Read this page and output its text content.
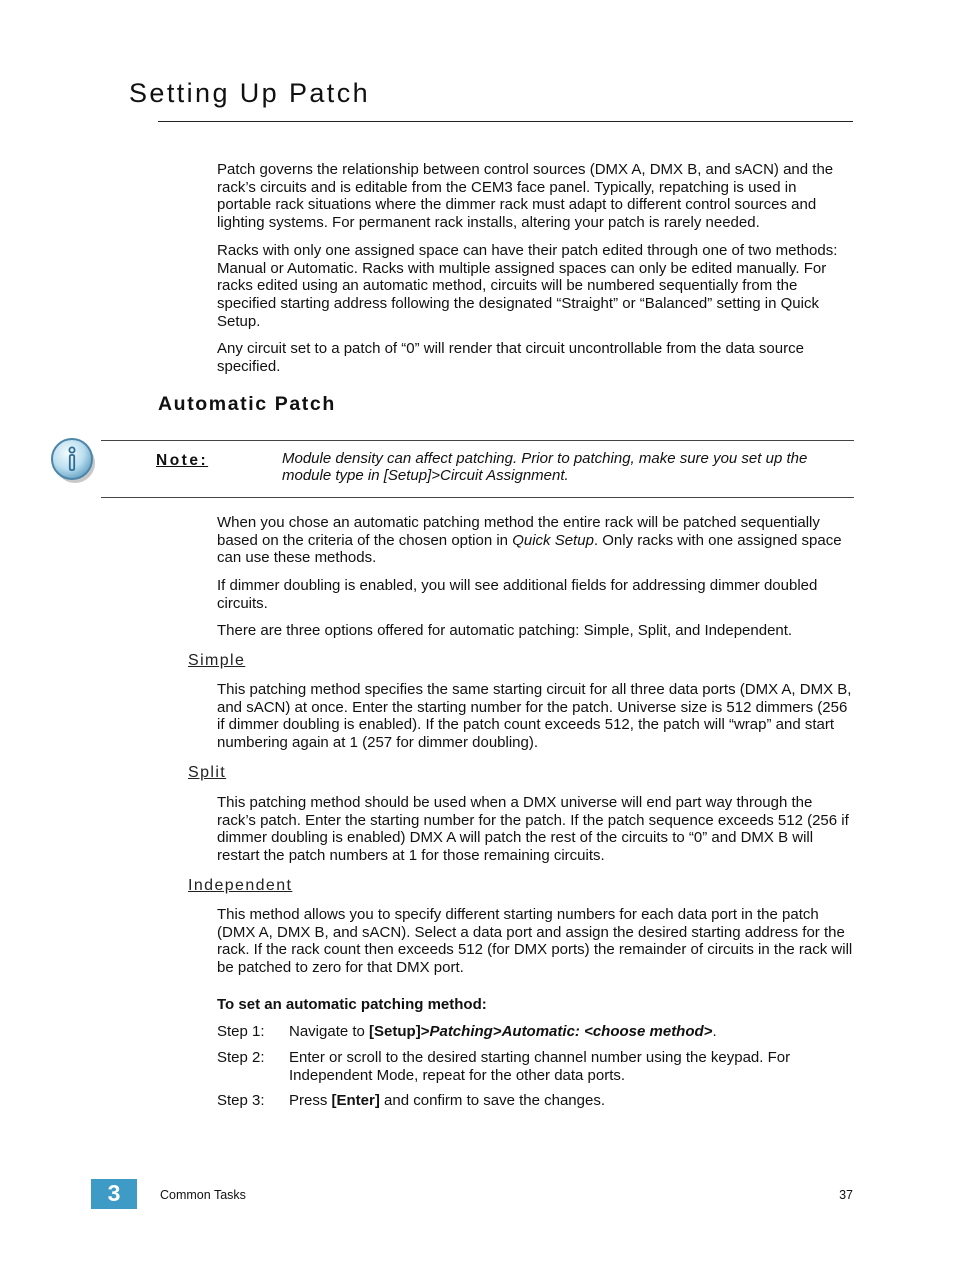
Setting Up Patch

Patch governs the relationship between control sources (DMX A, DMX B, and sACN) and the rack’s circuits and is editable from the CEM3 face panel. Typically, repatching is used in portable rack situations where the dimmer rack must adapt to different control sources and lighting systems. For permanent rack installs, altering your patch is rarely needed.

Racks with only one assigned space can have their patch edited through one of two methods: Manual or Automatic. Racks with multiple assigned spaces can only be edited manually. For racks edited using an automatic method, circuits will be numbered sequentially from the specified starting address following the designated “Straight” or “Balanced” setting in Quick Setup.

Any circuit set to a patch of “0” will render that circuit uncontrollable from the data source specified.

Automatic Patch
Note:	Module density can affect patching. Prior to patching, make sure you set up the module type in [Setup]>Circuit Assignment.

When you chose an automatic patching method the entire rack will be patched sequentially based on the criteria of the chosen option in Quick Setup. Only racks with one assigned space can use these methods.

If dimmer doubling is enabled, you will see additional fields for addressing dimmer doubled circuits.

There are three options offered for automatic patching: Simple, Split, and Independent.

Simple

This patching method specifies the same starting circuit for all three data ports (DMX A, DMX B, and sACN) at once. Enter the starting number for the patch. Universe size is 512 dimmers (256 if dimmer doubling is enabled). If the patch count exceeds 512, the patch will “wrap” and start numbering again at 1 (257 for dimmer doubling).

Split

This patching method should be used when a DMX universe will end part way through the rack’s patch. Enter the starting number for the patch. If the patch sequence exceeds 512 (256 if dimmer doubling is enabled) DMX A will patch the rest of the circuits to “0” and DMX B will restart the patch numbers at 1 for those remaining circuits.

Independent

This method allows you to specify different starting numbers for each data port in the patch (DMX A, DMX B, and sACN). Select a data port and assign the desired starting address for the rack. If the rack count then exceeds 512 (for DMX ports) the remainder of circuits in the rack will be patched to zero for that DMX port.

To set an automatic patching method:
Step 1: Navigate to [Setup]>Patching>Automatic: <choose method>.
Step 2: Enter or scroll to the desired starting channel number using the keypad. For Independent Mode, repeat for the other data ports.
Step 3: Press [Enter] and confirm to save the changes.
3	Common Tasks	37
